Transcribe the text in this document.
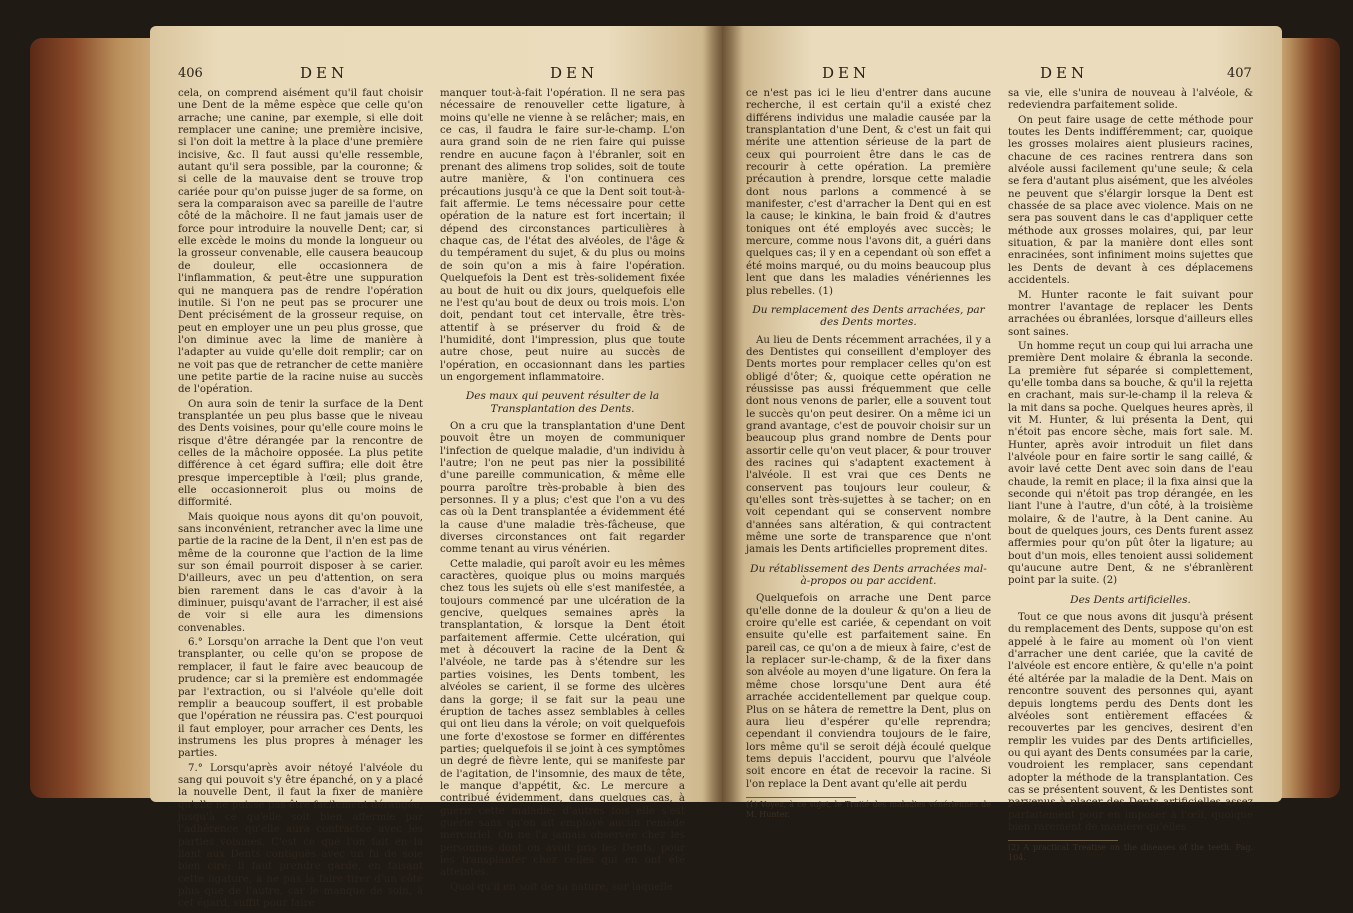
406	DEN	DEN

cela, on comprend aisément qu'il faut choisir une Dent de la même espèce que celle qu'on arrache; une canine, par exemple, si elle doit remplacer une canine; une première incisive, si l'on doit la mettre à la place d'une première incisive, &c. Il faut aussi qu'elle ressemble, autant qu'il sera possible, par la couronne; & si celle de la mauvaise dent se trouve trop cariée pour qu'on puisse juger de sa forme, on sera la comparaison avec sa pareille de l'autre côté de la mâchoire. Il ne faut jamais user de force pour introduire la nouvelle Dent; car, si elle excède le moins du monde la longueur ou la grosseur convenable, elle causera beaucoup de douleur, elle occasionnera de l'inflammation, & peut-être une suppuration qui ne manquera pas de rendre l'opération inutile. Si l'on ne peut pas se procurer une Dent précisément de la grosseur requise, on peut en employer une un peu plus grosse, que l'on diminue avec la lime de manière à l'adapter au vuide qu'elle doit remplir; car on ne voit pas que de retrancher de cette manière une petite partie de la racine nuise au succès de l'opération.

On aura soin de tenir la surface de la Dent transplantée un peu plus basse que le niveau des Dents voisines, pour qu'elle coure moins le risque d'être dérangée par la rencontre de celles de la mâchoire opposée. La plus petite différence à cet égard suffira; elle doit être presque imperceptible à l'œil; plus grande, elle occasionneroit plus ou moins de difformité.

Mais quoique nous ayons dit qu'on pouvoit, sans inconvénient, retrancher avec la lime une partie de la racine de la Dent, il n'en est pas de même de la couronne que l'action de la lime sur son émail pourroit disposer à se carier. D'ailleurs, avec un peu d'attention, on sera bien rarement dans le cas d'avoir à la diminuer, puisqu'avant de l'arracher, il est aisé de voir si elle aura les dimensions convenables.

6.° Lorsqu'on arrache la Dent que l'on veut transplanter, ou celle qu'on se propose de remplacer, il faut le faire avec beaucoup de prudence; car si la première est endommagée par l'extraction, ou si l'alvéole qu'elle doit remplir a beaucoup souffert, il est probable que l'opération ne réussira pas. C'est pourquoi il faut employer, pour arracher ces Dents, les instrumens les plus propres à ménager les parties.

7.° Lorsqu'après avoir nétoyé l'alvéole du sang qui pouvoit s'y être épanché, on y a placé la nouvelle Dent, il faut la fixer de manière qu'elle ne puisse pas être facilement dérangée, jusqu'à ce qu'elle soit bien affermie par l'adhérence qu'elle aura contractée avec les parties voisines. C'est ce que l'on fait en la liant aux Dents contiguës avec un fil de soie bien ciré; il faut prendre garde, en faisant cette ligature, à ne pas la faire tirer d'un côté plus que de l'autre, car le manque de soin, à cet égard, suffit pour faire

manquer tout-à-fait l'opération. Il ne sera pas nécessaire de renouveller cette ligature, à moins qu'elle ne vienne à se relâcher; mais, en ce cas, il faudra le faire sur-le-champ. L'on aura grand soin de ne rien faire qui puisse rendre en aucune façon à l'ébranler, soit en prenant des alimens trop solides, soit de toute autre manière, & l'on continuera ces précautions jusqu'à ce que la Dent soit tout-à-fait affermie. Le tems nécessaire pour cette opération de la nature est fort incertain; il dépend des circonstances particulières à chaque cas, de l'état des alvéoles, de l'âge & du tempérament du sujet, & du plus ou moins de soin qu'on a mis à faire l'opération. Quelquefois la Dent est très-solidement fixée au bout de huit ou dix jours, quelquefois elle ne l'est qu'au bout de deux ou trois mois. L'on doit, pendant tout cet intervalle, être très-attentif à se préserver du froid & de l'humidité, dont l'impression, plus que toute autre chose, peut nuire au succès de l'opération, en occasionnant dans les parties un engorgement inflammatoire.

Des maux qui peuvent résulter de la Transplantation des Dents.

On a cru que la transplantation d'une Dent pouvoit être un moyen de communiquer l'infection de quelque maladie, d'un individu à l'autre; l'on ne peut pas nier la possibilité d'une pareille communication, & même elle pourra paroître très-probable à bien des personnes. Il y a plus; c'est que l'on a vu des cas où la Dent transplantée a évidemment été la cause d'une maladie très-fâcheuse, que diverses circonstances ont fait regarder comme tenant au virus vénérien.

Cette maladie, qui paroît avoir eu les mêmes caractères, quoique plus ou moins marqués chez tous les sujets où elle s'est manifestée, a toujours commencé par une ulcération de la gencive, quelques semaines après la transplantation, & lorsque la Dent étoit parfaitement affermie. Cette ulcération, qui met à découvert la racine de la Dent & l'alvéole, ne tarde pas à s'étendre sur les parties voisines, les Dents tombent, les alvéoles se carient, il se forme des ulcères dans la gorge; il se fait sur la peau une éruption de taches assez semblables à celles qui ont lieu dans la vérole; on voit quelquefois une forte d'exostose se former en différentes parties; quelquefois il se joint à ces symptômes un degré de fièvre lente, qui se manifeste par de l'agitation, de l'insomnie, des maux de tête, le manque d'appétit, &c. Le mercure a contribué évidemment, dans quelques cas, à guérir cette maladie; d'autres fois elle s'est guérie sans qu'on ait employé aucun remède mercuriel. On ne l'a jamais observée chez les personnes dont on avoit pris les Dents, pour les transplanter chez celles qui en ont été atteintes.

Quoi qu'il en soit de sa nature, sur laquelle

DEN	DEN	407

ce n'est pas ici le lieu d'entrer dans aucune recherche, il est certain qu'il a existé chez différens individus une maladie causée par la transplantation d'une Dent, & c'est un fait qui mérite une attention sérieuse de la part de ceux qui pourroient être dans le cas de recourir à cette opération. La première précaution à prendre, lorsque cette maladie dont nous parlons a commencé à se manifester, c'est d'arracher la Dent qui en est la cause; le kinkina, le bain froid & d'autres toniques ont été employés avec succès; le mercure, comme nous l'avons dit, a guéri dans quelques cas; il y en a cependant où son effet a été moins marqué, ou du moins beaucoup plus lent que dans les maladies vénériennes les plus rebelles. (1)

Du remplacement des Dents arrachées, par des Dents mortes.

Au lieu de Dents récemment arrachées, il y a des Dentistes qui conseillent d'employer des Dents mortes pour remplacer celles qu'on est obligé d'ôter; &, quoique cette opération ne réussisse pas aussi fréquemment que celle dont nous venons de parler, elle a souvent tout le succès qu'on peut desirer. On a même ici un grand avantage, c'est de pouvoir choisir sur un beaucoup plus grand nombre de Dents pour assortir celle qu'on veut placer, & pour trouver des racines qui s'adaptent exactement à l'alvéole. Il est vrai que ces Dents ne conservent pas toujours leur couleur, & qu'elles sont très-sujettes à se tacher; on en voit cependant qui se conservent nombre d'années sans altération, & qui contractent même une sorte de transparence que n'ont jamais les Dents artificielles proprement dites.

Du rétablissement des Dents arrachées mal-à-propos ou par accident.

Quelquefois on arrache une Dent parce qu'elle donne de la douleur & qu'on a lieu de croire qu'elle est cariée, & cependant on voit ensuite qu'elle est parfaitement saine. En pareil cas, ce qu'on a de mieux à faire, c'est de la replacer sur-le-champ, & de la fixer dans son alvéole au moyen d'une ligature. On fera la même chose lorsqu'une Dent aura été arrachée accidentellement par quelque coup. Plus on se hâtera de remettre la Dent, plus on aura lieu d'espérer qu'elle reprendra; cependant il conviendra toujours de le faire, lors même qu'il se seroit déjà écoulé quelque tems depuis l'accident, pourvu que l'alvéole soit encore en état de recevoir la racine. Si l'on replace la Dent avant qu'elle ait perdu

(1) Voyez, à ce sujet, le Traité des maladies vénériennes de M. Hunter.

sa vie, elle s'unira de nouveau à l'alvéole, & redeviendra parfaitement solide.

On peut faire usage de cette méthode pour toutes les Dents indifféremment; car, quoique les grosses molaires aient plusieurs racines, chacune de ces racines rentrera dans son alvéole aussi facilement qu'une seule; & cela se fera d'autant plus aisément, que les alvéoles ne peuvent que s'élargir lorsque la Dent est chassée de sa place avec violence. Mais on ne sera pas souvent dans le cas d'appliquer cette méthode aux grosses molaires, qui, par leur situation, & par la manière dont elles sont enracinées, sont infiniment moins sujettes que les Dents de devant à ces déplacemens accidentels.

M. Hunter raconte le fait suivant pour montrer l'avantage de replacer les Dents arrachées ou ébranlées, lorsque d'ailleurs elles sont saines.

Un homme reçut un coup qui lui arracha une première Dent molaire & ébranla la seconde. La première fut séparée si complettement, qu'elle tomba dans sa bouche, & qu'il la rejetta en crachant, mais sur-le-champ il la releva & la mit dans sa poche. Quelques heures après, il vit M. Hunter, & lui présenta la Dent, qui n'étoit pas encore sèche, mais fort sale. M. Hunter, après avoir introduit un filet dans l'alvéole pour en faire sortir le sang caillé, & avoir lavé cette Dent avec soin dans de l'eau chaude, la remit en place; il la fixa ainsi que la seconde qui n'étoit pas trop dérangée, en les liant l'une à l'autre, d'un côté, à la troisième molaire, & de l'autre, à la Dent canine. Au bout de quelques jours, ces Dents furent assez affermies pour qu'on pût ôter la ligature; au bout d'un mois, elles tenoient aussi solidement qu'aucune autre Dent, & ne s'ébranlèrent point par la suite. (2)

Des Dents artificielles.

Tout ce que nous avons dit jusqu'à présent du remplacement des Dents, suppose qu'on est appelé à le faire au moment où l'on vient d'arracher une dent cariée, que la cavité de l'alvéole est encore entière, & qu'elle n'a point été altérée par la maladie de la Dent. Mais on rencontre souvent des personnes qui, ayant depuis longtems perdu des Dents dont les alvéoles sont entièrement effacées & recouvertes par les gencives, desirent d'en remplir les vuides par des Dents artificielles, ou qui ayant des Dents consumées par la carie, voudroient les remplacer, sans cependant adopter la méthode de la transplantation. Ces cas se présentent souvent, & les Dentistes sont parvenus à placer des Dents artificielles assez parfaitement pour en imposer à l'œil, quoique bien rarement de manière qu'elles

(2) A practical Treatise on the diseases of the teeth. Pag. 104.
